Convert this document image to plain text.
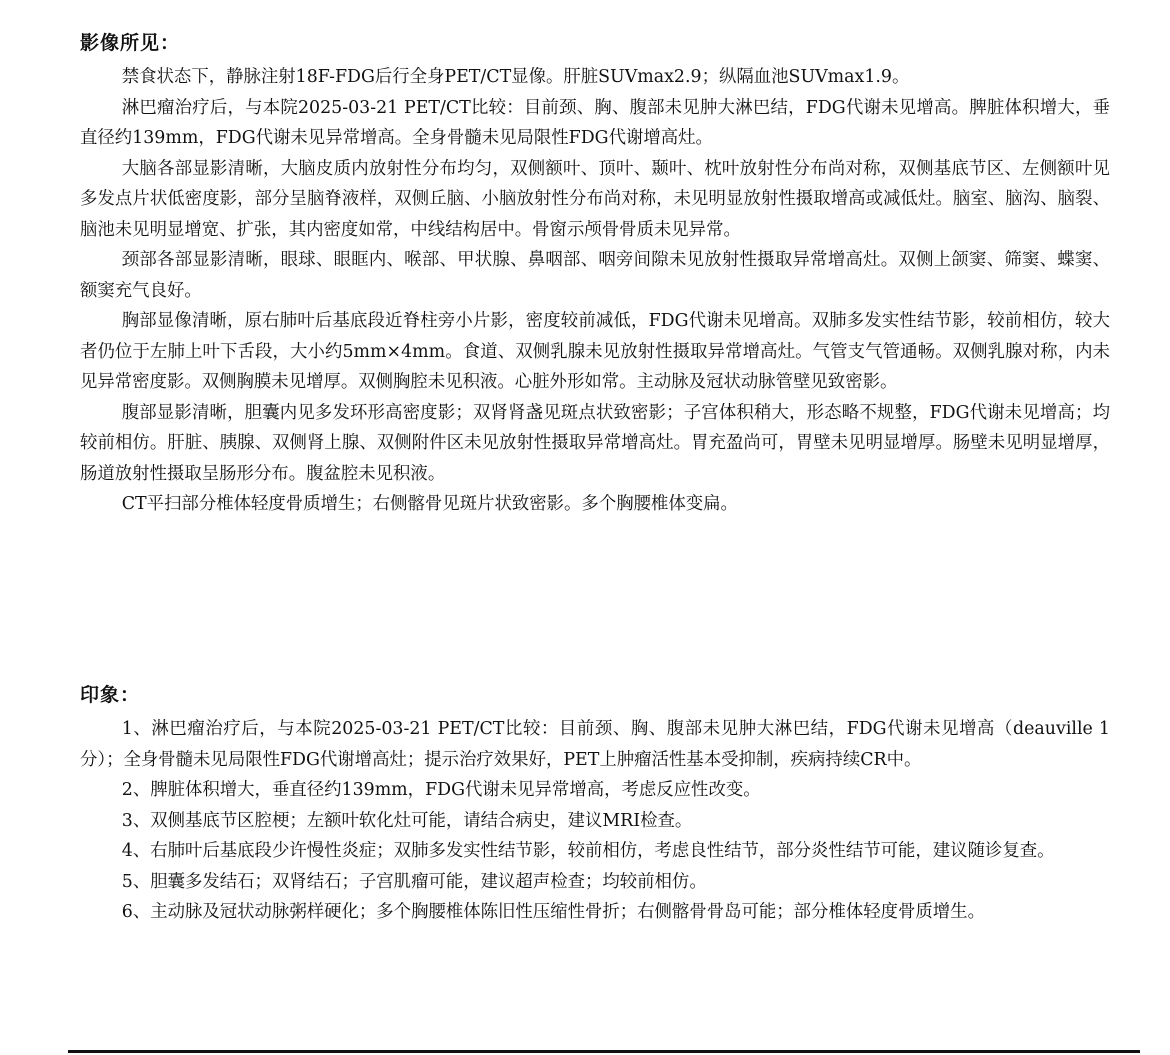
影像所见：

禁食状态下，静脉注射18F-FDG后行全身PET/CT显像。肝脏SUVmax2.9；纵隔血池SUVmax1.9。

淋巴瘤治疗后，与本院2025-03-21 PET/CT比较：目前颈、胸、腹部未见肿大淋巴结，FDG代谢未见增高。脾脏体积增大，垂直径约139mm，FDG代谢未见异常增高。全身骨髓未见局限性FDG代谢增高灶。

大脑各部显影清晰，大脑皮质内放射性分布均匀，双侧额叶、顶叶、颞叶、枕叶放射性分布尚对称，双侧基底节区、左侧额叶见多发点片状低密度影，部分呈脑脊液样，双侧丘脑、小脑放射性分布尚对称，未见明显放射性摄取增高或减低灶。脑室、脑沟、脑裂、脑池未见明显增宽、扩张，其内密度如常，中线结构居中。骨窗示颅骨骨质未见异常。

颈部各部显影清晰，眼球、眼眶内、喉部、甲状腺、鼻咽部、咽旁间隙未见放射性摄取异常增高灶。双侧上颌窦、筛窦、蝶窦、额窦充气良好。

胸部显像清晰，原右肺叶后基底段近脊柱旁小片影，密度较前减低，FDG代谢未见增高。双肺多发实性结节影，较前相仿，较大者仍位于左肺上叶下舌段，大小约5mm×4mm。食道、双侧乳腺未见放射性摄取异常增高灶。气管支气管通畅。双侧乳腺对称，内未见异常密度影。双侧胸膜未见增厚。双侧胸腔未见积液。心脏外形如常。主动脉及冠状动脉管壁见致密影。

腹部显影清晰，胆囊内见多发环形高密度影；双肾肾盏见斑点状致密影；子宫体积稍大，形态略不规整，FDG代谢未见增高；均较前相仿。肝脏、胰腺、双侧肾上腺、双侧附件区未见放射性摄取异常增高灶。胃充盈尚可，胃壁未见明显增厚。肠壁未见明显增厚，肠道放射性摄取呈肠形分布。腹盆腔未见积液。

CT平扫部分椎体轻度骨质增生；右侧髂骨见斑片状致密影。多个胸腰椎体变扁。

印象：

1、淋巴瘤治疗后，与本院2025-03-21 PET/CT比较：目前颈、胸、腹部未见肿大淋巴结，FDG代谢未见增高（deauville 1分）；全身骨髓未见局限性FDG代谢增高灶；提示治疗效果好，PET上肿瘤活性基本受抑制，疾病持续CR中。

2、脾脏体积增大，垂直径约139mm，FDG代谢未见异常增高，考虑反应性改变。

3、双侧基底节区腔梗；左额叶软化灶可能，请结合病史，建议MRI检查。

4、右肺叶后基底段少许慢性炎症；双肺多发实性结节影，较前相仿，考虑良性结节，部分炎性结节可能，建议随诊复查。

5、胆囊多发结石；双肾结石；子宫肌瘤可能，建议超声检查；均较前相仿。

6、主动脉及冠状动脉粥样硬化；多个胸腰椎体陈旧性压缩性骨折；右侧髂骨骨岛可能；部分椎体轻度骨质增生。
